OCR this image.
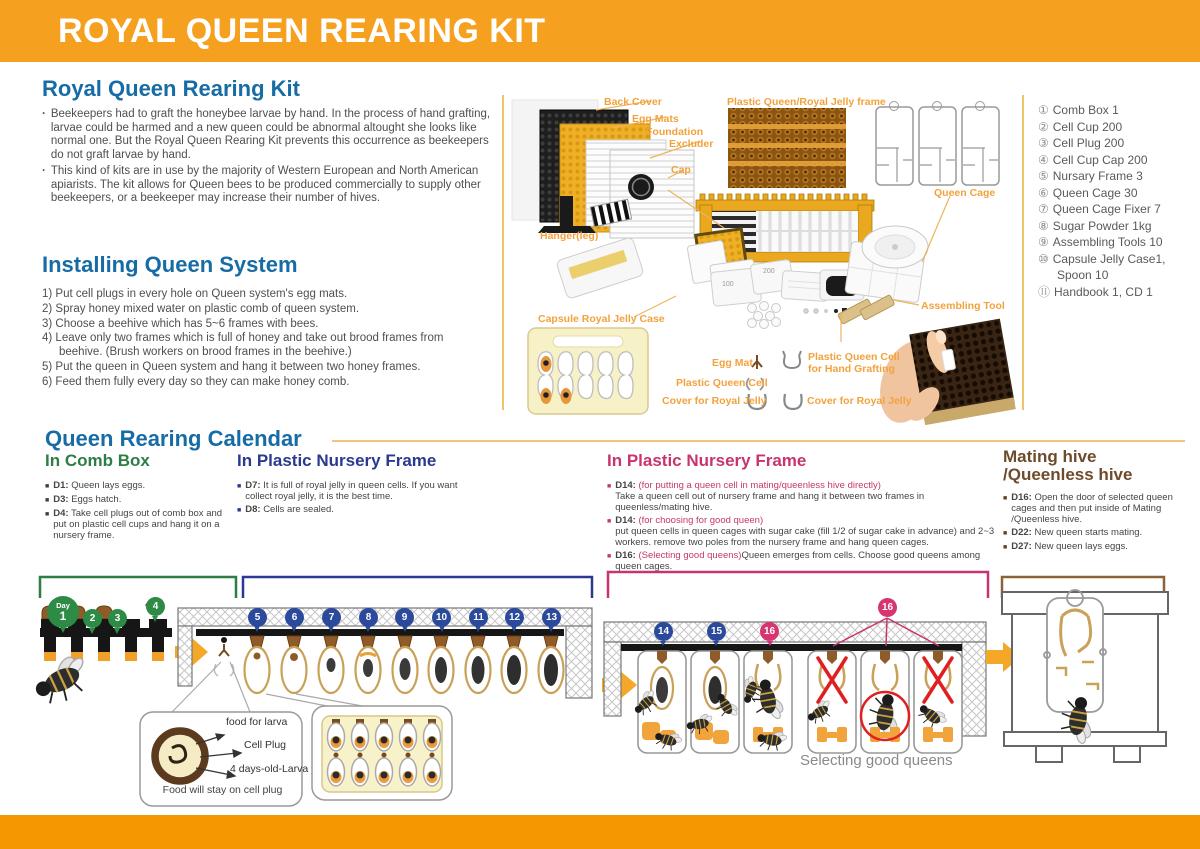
ROYAL QUEEN REARING KIT
Royal Queen Rearing Kit
· Beekeepers had to graft the honeybee larvae by hand. In the process of hand grafting, larvae could be harmed and a new queen could be abnormal altought she looks like normal one. But the Royal Queen Rearing Kit prevents this occurrence as beekeepers do not graft larvae by hand.
· This kind of kits are in use by the majority of Western European and North American apiarists. The kit allows for Queen bees to be produced commercially to supply other beekeepers, or a beekeeper may increase their number of hives.
Installing Queen System
1) Put cell plugs in every hole on Queen system's egg mats.
2) Spray honey mixed water on plastic comb of queen system.
3) Choose a beehive which has 5~6 frames with bees.
4) Leave only two frames which is full of honey and take out brood frames from beehive. (Brush workers on brood frames in the beehive.)
5) Put the queen in Queen system and hang it between two honey frames.
6) Feed them fully every day so they can make honey comb.
Back Cover
Egg Mats
Foundation
Excluder
Cap
Hanger(leg)
Plastic Queen/Royal Jelly frame
Queen Cage
Capsule Royal Jelly Case
Egg Mat
Plastic Queen Cell
Cover for Royal Jelly
Plastic Queen Cell
for Hand Grafting
Cover for Royal Jelly
Assembling Tool
100
200
① Comb Box 1
② Cell Cup 200
③ Cell Plug 200
④ Cell Cup Cap 200
⑤ Nursary Frame 3
⑥ Queen Cage 30
⑦ Queen Cage Fixer 7
⑧ Sugar Powder 1kg
⑨ Assembling Tools 10
⑩ Capsule Jelly Case1,
Spoon 10
⑪ Handbook 1, CD 1
Queen Rearing Calendar
In Comb Box
■ D1: Queen lays eggs.
■ D3: Eggs hatch.
■ D4: Take cell plugs out of comb box and put on plastic cell cups and hang it on a nursery frame.
In Plastic Nursery Frame
■ D7: It is full of royal jelly in queen cells. If you want collect royal jelly, it is the best time.
■ D8: Cells are sealed.
In Plastic Nursery Frame
■ D14: (for putting a queen cell in mating/queenless hive directly)
Take a queen cell out of nursery frame and hang it between two frames in queenless/mating hive.
■ D14: (for choosing for good queen)
put queen cells in queen cages with sugar cake (fill 1/2 of sugar cake in advance) and 2~3 workers. remove two poles from the nursery frame and hang queen cages.
■ D16: (Selecting good queens)Queen emerges from cells. Choose good queens among queen cages.
Mating hive /Queenless hive
■ D16: Open the door of selected queen cages and then put inside of Mating /Queenless hive.
■ D22: New queen starts mating.
■ D27: New queen lays eggs.
Day
1	2	3
4
5	6	7	8	9	10	11	12	13
14	15	16
16
Selecting good queens
food for larva
Cell Plug
4 days-old-Larva
Food will stay on cell plug
